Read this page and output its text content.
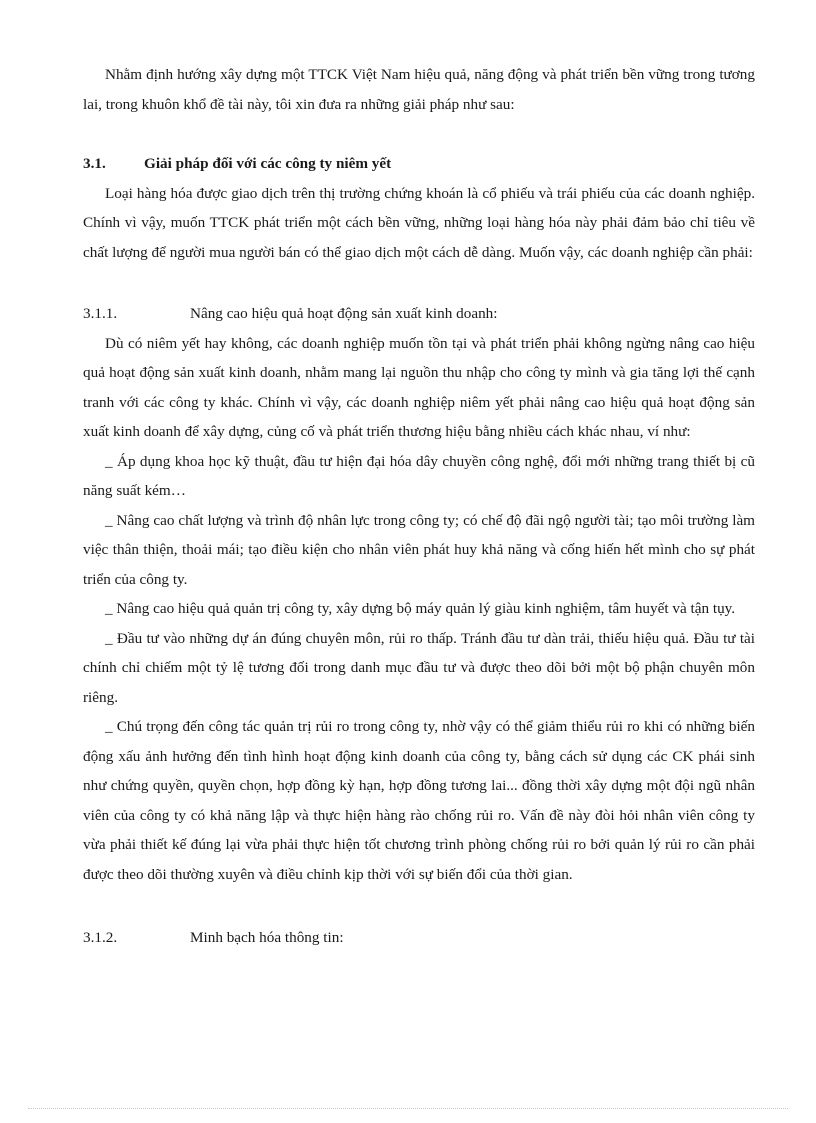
Nhằm định hướng xây dựng một TTCK Việt Nam hiệu quả, năng động và phát triển bền vững trong tương lai, trong khuôn khổ đề tài này, tôi xin đưa ra những giải pháp như sau:

3.1.	Giải pháp đối với các công ty niêm yết

Loại hàng hóa được giao dịch trên thị trường chứng khoán là cổ phiếu và trái phiếu của các doanh nghiệp. Chính vì vậy, muốn TTCK phát triển một cách bền vững, những loại hàng hóa này phải đảm bảo chỉ tiêu về chất lượng để người mua người bán có thể giao dịch một cách dễ dàng. Muốn vậy, các doanh nghiệp cần phải:

3.1.1.	Nâng cao hiệu quả hoạt động sản xuất kinh doanh:

Dù có niêm yết hay không, các doanh nghiệp muốn tồn tại và phát triển phải không ngừng nâng cao hiệu quả hoạt động sản xuất kinh doanh, nhằm mang lại nguồn thu nhập cho công ty mình và gia tăng lợi thế cạnh tranh với các công ty khác. Chính vì vậy, các doanh nghiệp niêm yết phải nâng cao hiệu quả hoạt động sản xuất kinh doanh để xây dựng, củng cố và phát triển thương hiệu bằng nhiều cách khác nhau, ví như:

_ Áp dụng khoa học kỹ thuật, đầu tư hiện đại hóa dây chuyền công nghệ, đổi mới những trang thiết bị cũ năng suất kém…

_ Nâng cao chất lượng và trình độ nhân lực trong công ty; có chế độ đãi ngộ người tài; tạo môi trường làm việc thân thiện, thoải mái; tạo điều kiện cho nhân viên phát huy khả năng và cống hiến hết mình cho sự phát triển của công ty.

_ Nâng cao hiệu quả quản trị công ty, xây dựng bộ máy quản lý giàu kinh nghiệm, tâm huyết và tận tụy.

_ Đầu tư vào những dự án đúng chuyên môn, rủi ro thấp. Tránh đầu tư dàn trải, thiếu hiệu quả. Đầu tư tài chính chỉ chiếm một tỷ lệ tương đối trong danh mục đầu tư và được theo dõi bởi một bộ phận chuyên môn riêng.

_ Chú trọng đến công tác quản trị rủi ro trong công ty, nhờ vậy có thể giảm thiểu rủi ro khi có những biến động xấu ảnh hưởng đến tình hình hoạt động kinh doanh của công ty, bằng cách sử dụng các CK phái sinh như chứng quyền, quyền chọn, hợp đồng kỳ hạn, hợp đồng tương lai... đồng thời xây dựng một đội ngũ nhân viên của công ty có khả năng lập và thực hiện hàng rào chống rủi ro. Vấn đề này đòi hỏi nhân viên công ty vừa phải thiết kế đúng lại vừa phải thực hiện tốt chương trình phòng chống rủi ro bởi quản lý rủi ro cần phải được theo dõi thường xuyên và điều chỉnh kịp thời với sự biến đổi của thời gian.

3.1.2.	Minh bạch hóa thông tin:
